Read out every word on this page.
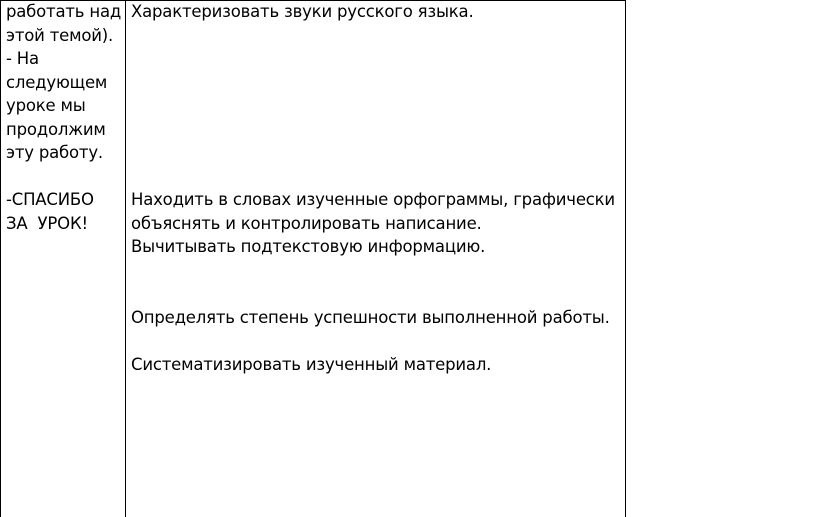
работать над
этой темой).
- На
следующем
уроке мы
продолжим
эту работу.
-СПАСИБО
ЗА  УРОК!
Характеризовать звуки русского языка.
Находить в словах изученные орфограммы, графически
объяснять и контролировать написание.
Вычитывать подтекстовую информацию.
Определять степень успешности выполненной работы.
Систематизировать изученный материал.
